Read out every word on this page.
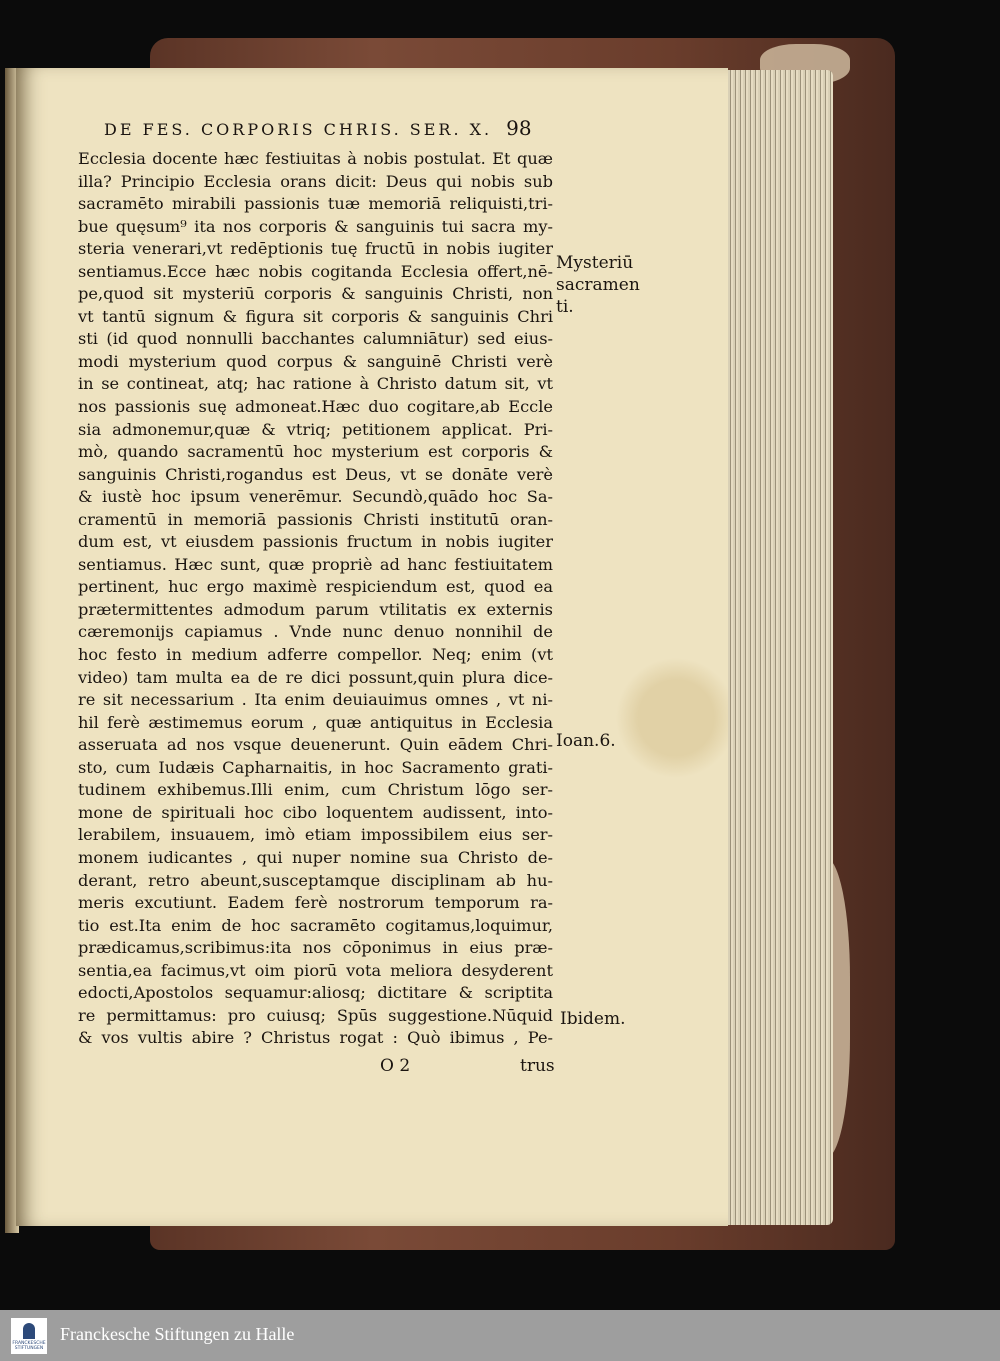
DE FES. CORPORIS CHRIS. SER. X. 98
Ecclesia docente hæc festiuitas à nobis postulat. Et quæ
illa? Principio Ecclesia orans dicit: Deus qui nobis sub
sacramēto mirabili passionis tuæ memoriā reliquisti,tri-
bue quęsum⁹ ita nos corporis & sanguinis tui sacra my-
steria venerari,vt redēptionis tuę fructū in nobis iugiter
sentiamus.Ecce hæc nobis cogitanda Ecclesia offert,nē-
pe,quod sit mysteriū corporis & sanguinis Christi, non
vt tantū signum & figura sit corporis & sanguinis Chri
sti (id quod nonnulli bacchantes calumniātur) sed eius-
modi mysterium quod corpus & sanguinē Christi verè
in se contineat, atq; hac ratione à Christo datum sit, vt
nos passionis suę admoneat.Hæc duo cogitare,ab Eccle
sia admonemur,quæ & vtriq; petitionem applicat. Pri-
mò, quando sacramentū hoc mysterium est corporis &
sanguinis Christi,rogandus est Deus, vt se donāte verè
& iustè hoc ipsum venerēmur. Secundò,quādo hoc Sa-
cramentū in memoriā passionis Christi institutū oran-
dum est, vt eiusdem passionis fructum in nobis iugiter
sentiamus. Hæc sunt, quæ propriè ad hanc festiuitatem
pertinent, huc ergo maximè respiciendum est, quod ea
prætermittentes admodum parum vtilitatis ex externis
cæremonijs capiamus . Vnde nunc denuo nonnihil de
hoc festo in medium adferre compellor. Neq; enim (vt
video) tam multa ea de re dici possunt,quin plura dice-
re sit necessarium . Ita enim deuiauimus omnes , vt ni-
hil ferè æstimemus eorum , quæ antiquitus in Ecclesia
asseruata ad nos vsque deuenerunt. Quin eādem Chri-
sto, cum Iudæis Capharnaitis, in hoc Sacramento grati-
tudinem exhibemus.Illi enim, cum Christum lōgo ser-
mone de spirituali hoc cibo loquentem audissent, into-
lerabilem, insuauem, imò etiam impossibilem eius ser-
monem iudicantes , qui nuper nomine sua Christo de-
derant, retro abeunt,susceptamque disciplinam ab hu-
meris excutiunt. Eadem ferè nostrorum temporum ra-
tio est.Ita enim de hoc sacramēto cogitamus,loquimur,
prædicamus,scribimus:ita nos cōponimus in eius præ-
sentia,ea facimus,vt oim piorū vota meliora desyderent
edocti,Apostolos sequamur:aliosq; dictitare & scriptita
re permittamus: pro cuiusq; Spūs suggestione.Nūquid
& vos vultis abire ? Christus rogat : Quò ibimus , Pe-
Mysteriū
sacramen
ti.
Ioan.6.
Ibidem.
O 2	trus
FRANCKESCHE
STIFTUNGEN
Franckesche Stiftungen zu Halle
